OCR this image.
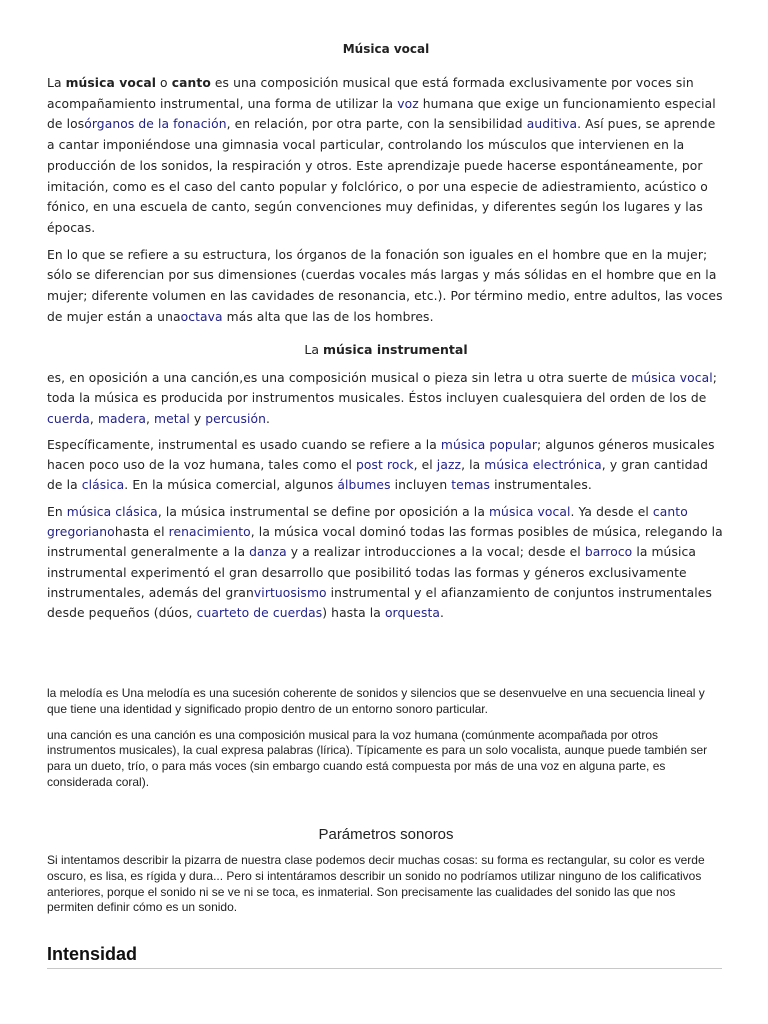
Música vocal

La música vocal o canto es una composición musical que está formada exclusivamente por voces sin acompañamiento instrumental, una forma de utilizar la voz humana que exige un funcionamiento especial de losórganos de la fonación, en relación, por otra parte, con la sensibilidad auditiva. Así pues, se aprende a cantar imponiéndose una gimnasia vocal particular, controlando los músculos que intervienen en la producción de los sonidos, la respiración y otros. Este aprendizaje puede hacerse espontáneamente, por imitación, como es el caso del canto popular y folclórico, o por una especie de adiestramiento, acústico o fónico, en una escuela de canto, según convenciones muy definidas, y diferentes según los lugares y las épocas.

En lo que se refiere a su estructura, los órganos de la fonación son iguales en el hombre que en la mujer; sólo se diferencian por sus dimensiones (cuerdas vocales más largas y más sólidas en el hombre que en la mujer; diferente volumen en las cavidades de resonancia, etc.). Por término medio, entre adultos, las voces de mujer están a unaoctava más alta que las de los hombres.

La música instrumental

es, en oposición a una canción,es una composición musical o pieza sin letra u otra suerte de música vocal; toda la música es producida por instrumentos musicales. Éstos incluyen cualesquiera del orden de los de cuerda, madera, metal y percusión.

Específicamente, instrumental es usado cuando se refiere a la música popular; algunos géneros musicales hacen poco uso de la voz humana, tales como el post rock, el jazz, la música electrónica, y gran cantidad de la clásica. En la música comercial, algunos álbumes incluyen temas instrumentales.

En música clásica, la música instrumental se define por oposición a la música vocal. Ya desde el canto gregorianohasta el renacimiento, la música vocal dominó todas las formas posibles de música, relegando la instrumental generalmente a la danza y a realizar introducciones a la vocal; desde el barroco la música instrumental experimentó el gran desarrollo que posibilitó todas las formas y géneros exclusivamente instrumentales, además del granvirtuosismo instrumental y el afianzamiento de conjuntos instrumentales desde pequeños (dúos, cuarteto de cuerdas) hasta la orquesta.

la melodía es Una melodía es una sucesión coherente de sonidos y silencios que se desenvuelve en una secuencia lineal y que tiene una identidad y significado propio dentro de un entorno sonoro particular.

una canción es una canción es una composición musical para la voz humana (comúnmente acompañada por otros instrumentos musicales), la cual expresa palabras (lírica). Típicamente es para un solo vocalista, aunque puede también ser para un dueto, trío, o para más voces (sin embargo cuando está compuesta por más de una voz en alguna parte, es considerada coral).

Parámetros sonoros
Si intentamos describir la pizarra de nuestra clase podemos decir muchas cosas: su forma es rectangular, su color es verde oscuro, es lisa, es rígida y dura... Pero si intentáramos describir un sonido no podríamos utilizar ninguno de los calificativos anteriores, porque el sonido ni se ve ni se toca, es inmaterial. Son precisamente las cualidades del sonido las que nos permiten definir cómo es un sonido.
Intensidad
